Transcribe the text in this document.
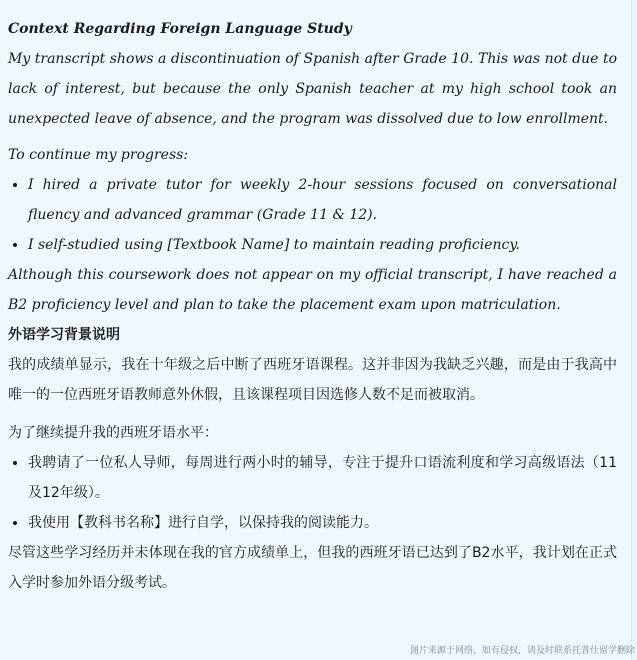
Context Regarding Foreign Language Study

My transcript shows a discontinuation of Spanish after Grade 10. This was not due to lack of interest, but because the only Spanish teacher at my high school took an unexpected leave of absence, and the program was dissolved due to low enrollment.

To continue my progress:

• I hired a private tutor for weekly 2-hour sessions focused on conversational fluency and advanced grammar (Grade 11 & 12).
• I self-studied using [Textbook Name] to maintain reading proficiency.

Although this coursework does not appear on my official transcript, I have reached a B2 proficiency level and plan to take the placement exam upon matriculation.

外语学习背景说明

我的成绩单显示，我在十年级之后中断了西班牙语课程。这并非因为我缺乏兴趣，而是由于我高中唯一的一位西班牙语教师意外休假，且该课程项目因选修人数不足而被取消。

为了继续提升我的西班牙语水平：

• 我聘请了一位私人导师，每周进行两小时的辅导，专注于提升口语流利度和学习高级语法（11及12年级）。
• 我使用【教科书名称】进行自学，以保持我的阅读能力。

尽管这些学习经历并未体现在我的官方成绩单上，但我的西班牙语已达到了B2水平，我计划在正式入学时参加外语分级考试。

图片来源于网络，如有侵权，请及时联系托普仕留学删除
